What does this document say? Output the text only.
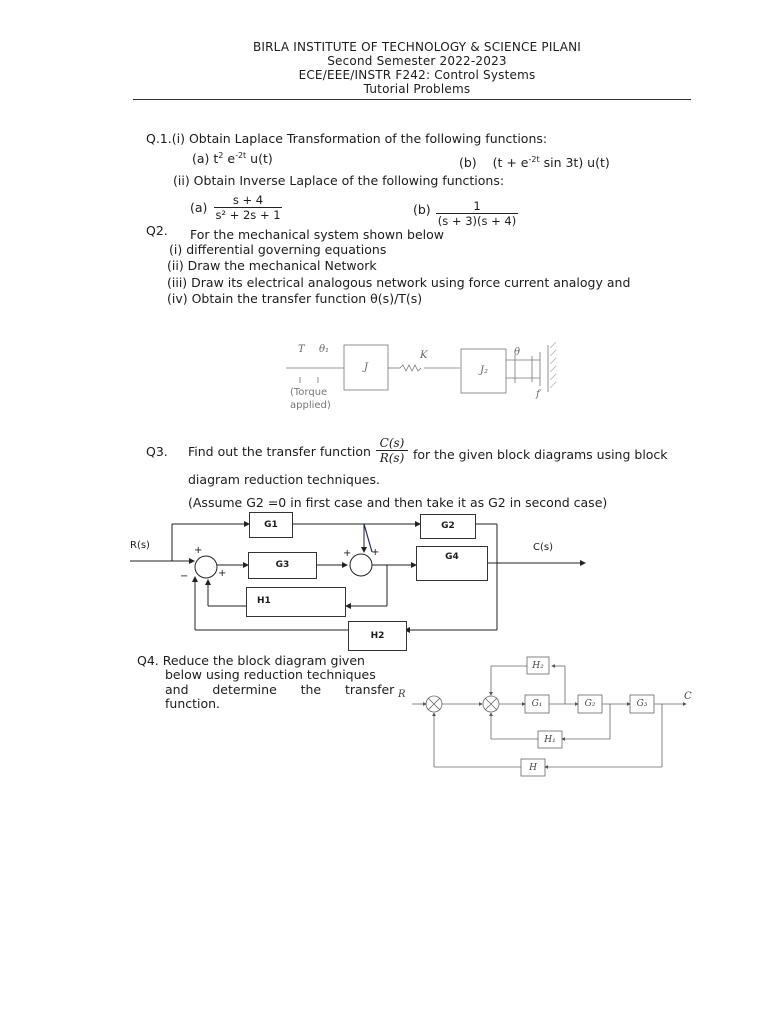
BIRLA INSTITUTE OF TECHNOLOGY & SCIENCE PILANI
Second Semester 2022-2023
ECE/EEE/INSTR F242: Control Systems
Tutorial Problems
Q.1.(i) Obtain Laplace Transformation of the following functions:
(a) $t^2$ $e^{-2t}$ u(t)	(b) ($t + e^{-2t}$ sin 3t) u(t)
(ii) Obtain Inverse Laplace of the following functions:
$(a) \frac{s + 4}{\text{s² + 2s + 1}}$	$(b) \frac{1}{(s + 3)(s + 4)}$
Q2. For the mechanical system shown below
(i) differential governing equations
(ii) Draw the mechanical Network
(iii) Draw its electrical analogous network using force current analogy and
(iv) Obtain the transfer function θ(s)/T(s)
T θ₁
J
K
J₂
θ
f
(Torque
applied)
Q3. Find out the transfer function $\frac{C(s)}{R(s)}$ for the given block diagrams using block
diagram reduction techniques.
(Assume G2 =0 in first case and then take it as G2 in second case)
G1	G2
G3
G4
H1
H2
R(s)	C(s)
+
−	+
+ +
Q4. Reduce the block diagram given
below using reduction techniques
and      determine      the      transfer
function.
R	C
H₂
G₁	G₂	G₃
H₁
H
